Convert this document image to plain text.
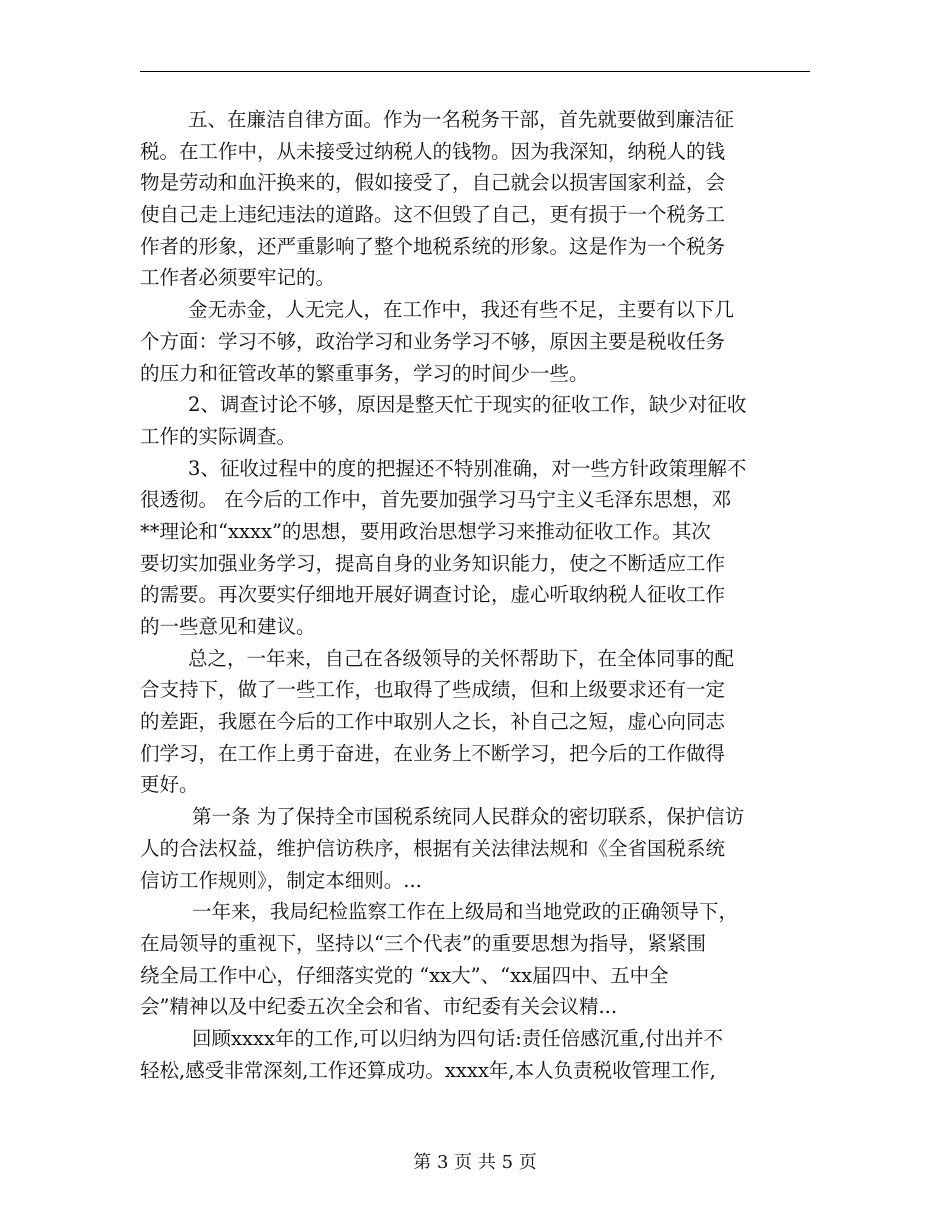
五、在廉洁自律方面。作为一名税务干部，首先就要做到廉洁征
税。在工作中，从未接受过纳税人的钱物。因为我深知，纳税人的钱
物是劳动和血汗换来的，假如接受了，自己就会以损害国家利益，会
使自己走上违纪违法的道路。这不但毁了自己，更有损于一个税务工
作者的形象，还严重影响了整个地税系统的形象。这是作为一个税务
工作者必须要牢记的。
金无赤金，人无完人，在工作中，我还有些不足，主要有以下几
个方面：学习不够，政治学习和业务学习不够，原因主要是税收任务
的压力和征管改革的繁重事务，学习的时间少一些。
2、调查讨论不够，原因是整天忙于现实的征收工作，缺少对征收
工作的实际调查。
3、征收过程中的度的把握还不特别准确，对一些方针政策理解不
很透彻。 在今后的工作中，首先要加强学习马宁主义毛泽东思想，邓
**理论和“xxxx”的思想，要用政治思想学习来推动征收工作。其次
要切实加强业务学习，提高自身的业务知识能力，使之不断适应工作
的需要。再次要实仔细地开展好调查讨论，虚心听取纳税人征收工作
的一些意见和建议。
总之，一年来，自己在各级领导的关怀帮助下，在全体同事的配
合支持下，做了一些工作，也取得了些成绩，但和上级要求还有一定
的差距，我愿在今后的工作中取别人之长，补自己之短，虚心向同志
们学习，在工作上勇于奋进，在业务上不断学习，把今后的工作做得
更好。
第一条 为了保持全市国税系统同人民群众的密切联系，保护信访
人的合法权益，维护信访秩序，根据有关法律法规和《全省国税系统
信访工作规则》，制定本细则。...
一年来，我局纪检监察工作在上级局和当地党政的正确领导下，
在局领导的重视下，坚持以“三个代表”的重要思想为指导，紧紧围
绕全局工作中心，仔细落实党的 “xx大”、“xx届四中、五中全
会”精神以及中纪委五次全会和省、市纪委有关会议精...
回顾xxxx年的工作,可以归纳为四句话:责任倍感沉重,付出并不
轻松,感受非常深刻,工作还算成功。xxxx年,本人负责税收管理工作,
第 3 页 共 5 页
